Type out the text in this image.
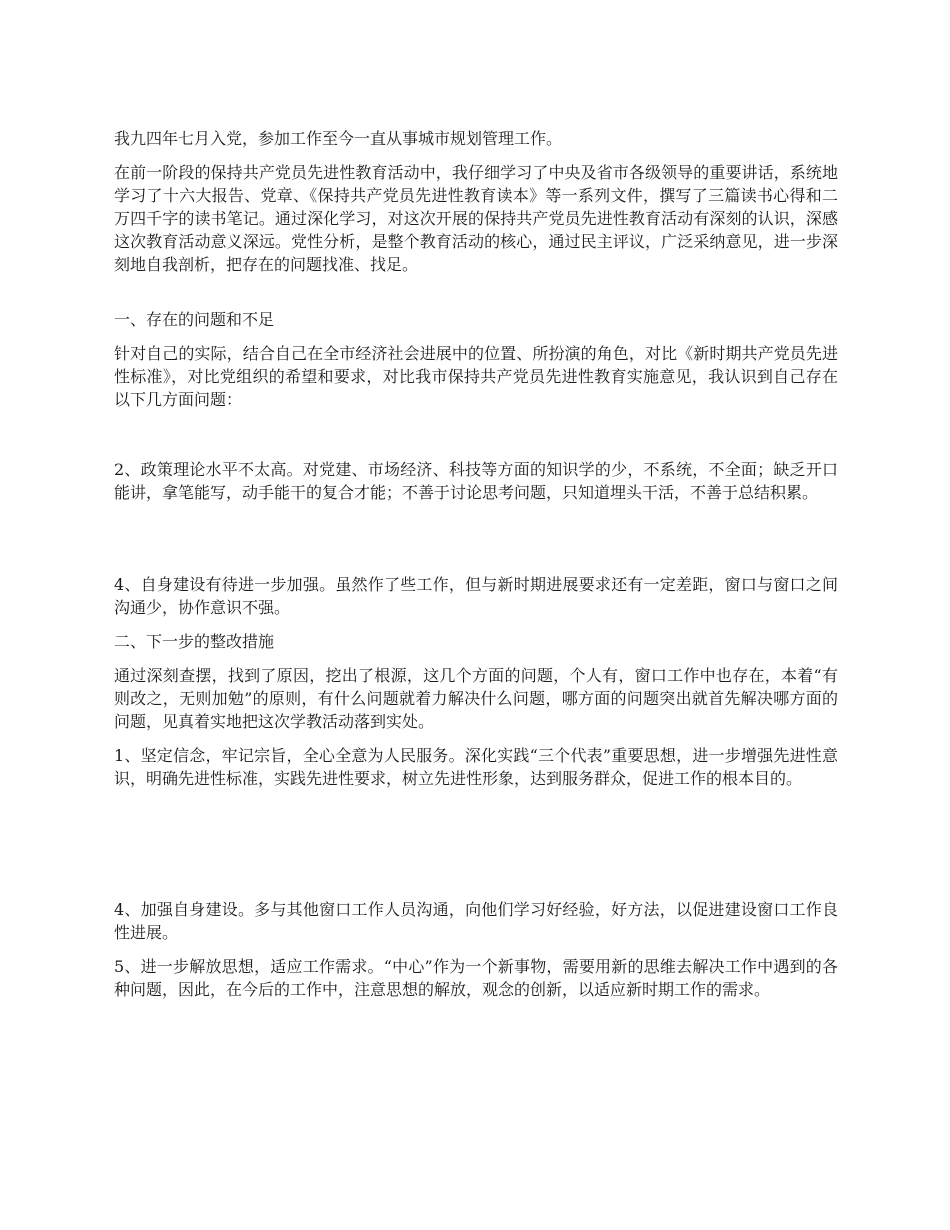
我九四年七月入党，参加工作至今一直从事城市规划管理工作。

在前一阶段的保持共产党员先进性教育活动中，我仔细学习了中央及省市各级领导的重要讲话，系统地学习了十六大报告、党章、《保持共产党员先进性教育读本》等一系列文件，撰写了三篇读书心得和二万四千字的读书笔记。通过深化学习，对这次开展的保持共产党员先进性教育活动有深刻的认识，深感这次教育活动意义深远。党性分析，是整个教育活动的核心，通过民主评议，广泛采纳意见，进一步深刻地自我剖析，把存在的问题找准、找足。

一、存在的问题和不足

针对自己的实际，结合自己在全市经济社会进展中的位置、所扮演的角色，对比《新时期共产党员先进性标准》，对比党组织的希望和要求，对比我市保持共产党员先进性教育实施意见，我认识到自己存在以下几方面问题：

2、政策理论水平不太高。对党建、市场经济、科技等方面的知识学的少，不系统，不全面；缺乏开口能讲，拿笔能写，动手能干的复合才能；不善于讨论思考问题，只知道埋头干活，不善于总结积累。

4、自身建设有待进一步加强。虽然作了些工作，但与新时期进展要求还有一定差距，窗口与窗口之间沟通少，协作意识不强。

二、下一步的整改措施

通过深刻查摆，找到了原因，挖出了根源，这几个方面的问题，个人有，窗口工作中也存在，本着“有则改之，无则加勉”的原则，有什么问题就着力解决什么问题，哪方面的问题突出就首先解决哪方面的问题，见真着实地把这次学教活动落到实处。

1、坚定信念，牢记宗旨，全心全意为人民服务。深化实践“三个代表”重要思想，进一步增强先进性意识，明确先进性标准，实践先进性要求，树立先进性形象，达到服务群众，促进工作的根本目的。

4、加强自身建设。多与其他窗口工作人员沟通，向他们学习好经验，好方法，以促进建设窗口工作良性进展。

5、进一步解放思想，适应工作需求。“中心”作为一个新事物，需要用新的思维去解决工作中遇到的各种问题，因此，在今后的工作中，注意思想的解放，观念的创新，以适应新时期工作的需求。
